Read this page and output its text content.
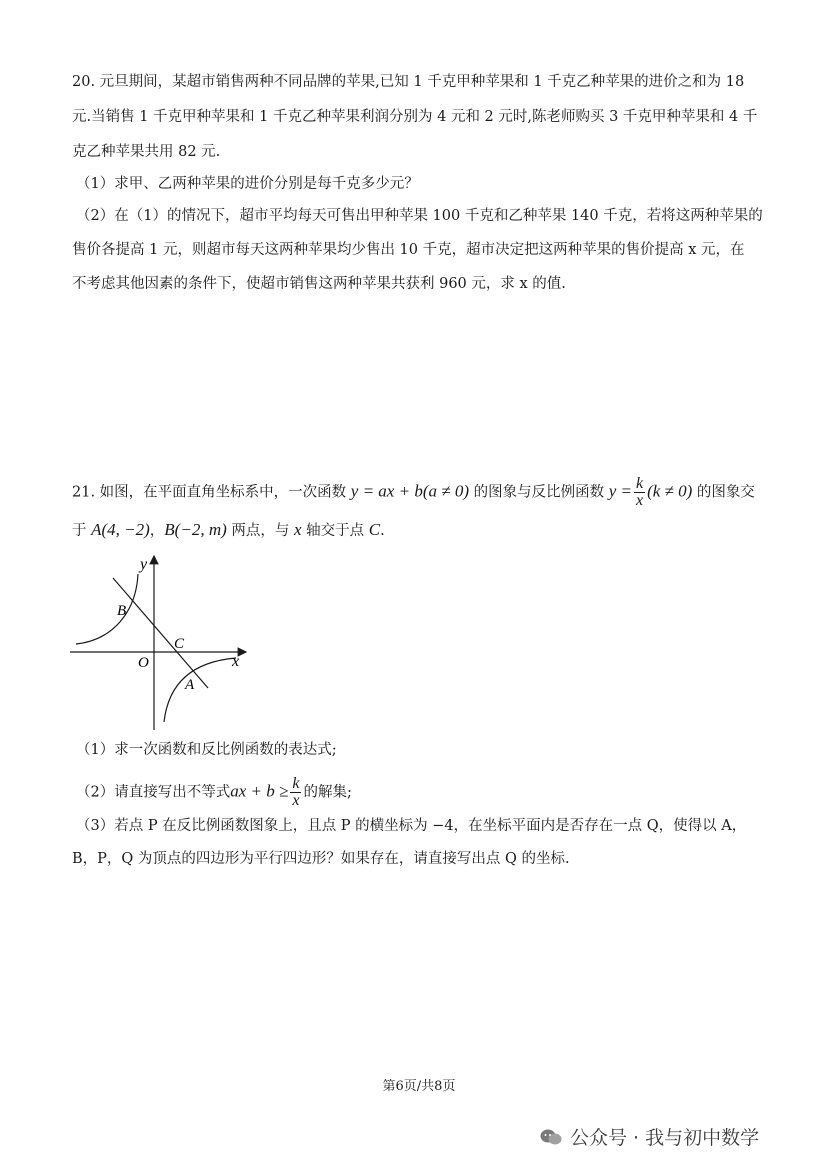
20. 元旦期间，某超市销售两种不同品牌的苹果,已知 1 千克甲种苹果和 1 千克乙种苹果的进价之和为 18
元.当销售 1 千克甲种苹果和 1 千克乙种苹果利润分别为 4 元和 2 元时,陈老师购买 3 千克甲种苹果和 4 千
克乙种苹果共用 82 元.
（1）求甲、乙两种苹果的进价分别是每千克多少元？
（2）在（1）的情况下，超市平均每天可售出甲种苹果 100 千克和乙种苹果 140 千克，若将这两种苹果的
售价各提高 1 元，则超市每天这两种苹果均少售出 10 千克，超市决定把这两种苹果的售价提高 x 元，在
不考虑其他因素的条件下，使超市销售这两种苹果共获利 960 元，求 x 的值.
21. 如图，在平面直角坐标系中，一次函数 y = ax + b(a ≠ 0) 的图象与反比例函数 $y = \frac{k}{x} (k \ne 0)$ 的图象交
于 A(4, −2)，B(−2, m) 两点，与 x 轴交于点 C.
y
x
O
B
C
A
（1）求一次函数和反比例函数的表达式;
（2）请直接写出不等式ax + $b \ge \frac{k}{x}$ 的解集;
（3）若点 P 在反比例函数图象上，且点 P 的横坐标为 −4，在坐标平面内是否存在一点 Q，使得以 A，
B，P，Q 为顶点的四边形为平行四边形？如果存在，请直接写出点 Q 的坐标.
第6页/共8页
公众号 · 我与初中数学
